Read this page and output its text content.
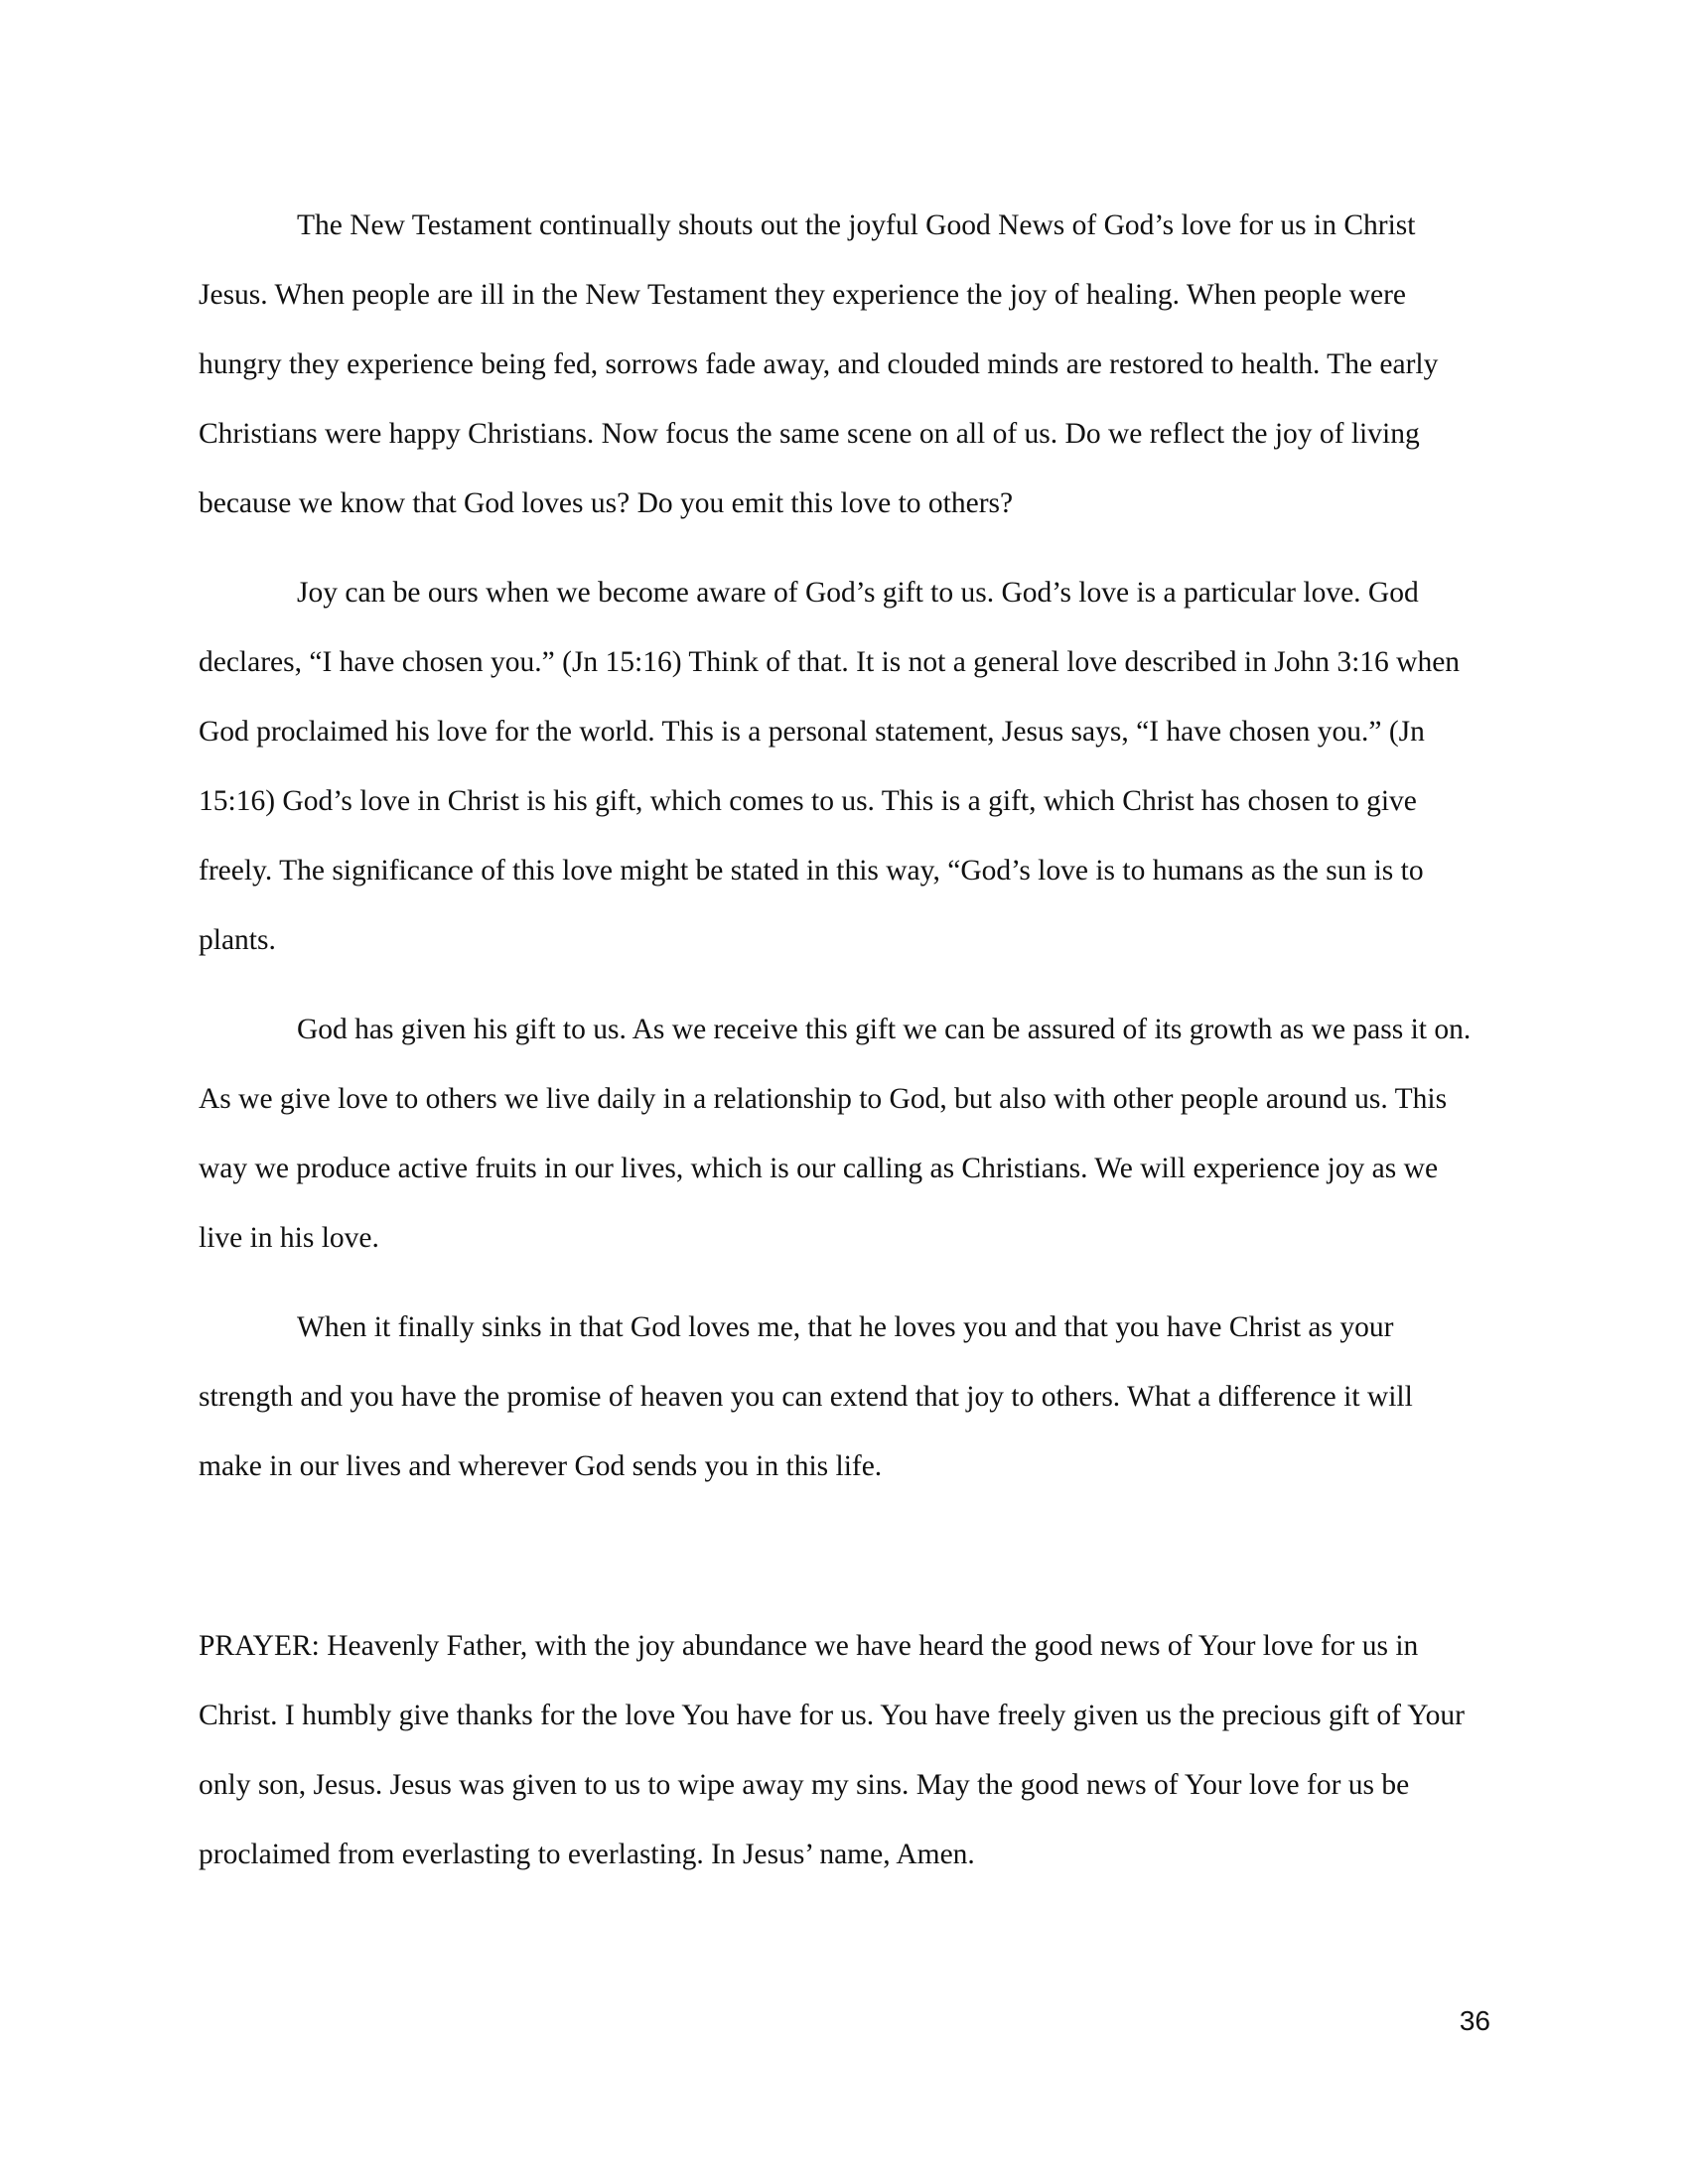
The New Testament continually shouts out the joyful Good News of God’s love for us in Christ Jesus. When people are ill in the New Testament they experience the joy of healing. When people were hungry they experience being fed, sorrows fade away, and clouded minds are restored to health. The early Christians were happy Christians. Now focus the same scene on all of us. Do we reflect the joy of living because we know that God loves us? Do you emit this love to others?

Joy can be ours when we become aware of God’s gift to us. God’s love is a particular love. God declares, “I have chosen you.” (Jn 15:16) Think of that. It is not a general love described in John 3:16 when God proclaimed his love for the world. This is a personal statement, Jesus says, “I have chosen you.” (Jn 15:16) God’s love in Christ is his gift, which comes to us. This is a gift, which Christ has chosen to give freely. The significance of this love might be stated in this way, “God’s love is to humans as the sun is to plants.

God has given his gift to us. As we receive this gift we can be assured of its growth as we pass it on. As we give love to others we live daily in a relationship to God, but also with other people around us. This way we produce active fruits in our lives, which is our calling as Christians. We will experience joy as we live in his love.

When it finally sinks in that God loves me, that he loves you and that you have Christ as your strength and you have the promise of heaven you can extend that joy to others. What a difference it will make in our lives and wherever God sends you in this life.

PRAYER: Heavenly Father, with the joy abundance we have heard the good news of Your love for us in Christ. I humbly give thanks for the love You have for us. You have freely given us the precious gift of Your only son, Jesus. Jesus was given to us to wipe away my sins. May the good news of Your love for us be proclaimed from everlasting to everlasting. In Jesus’ name, Amen.

36
